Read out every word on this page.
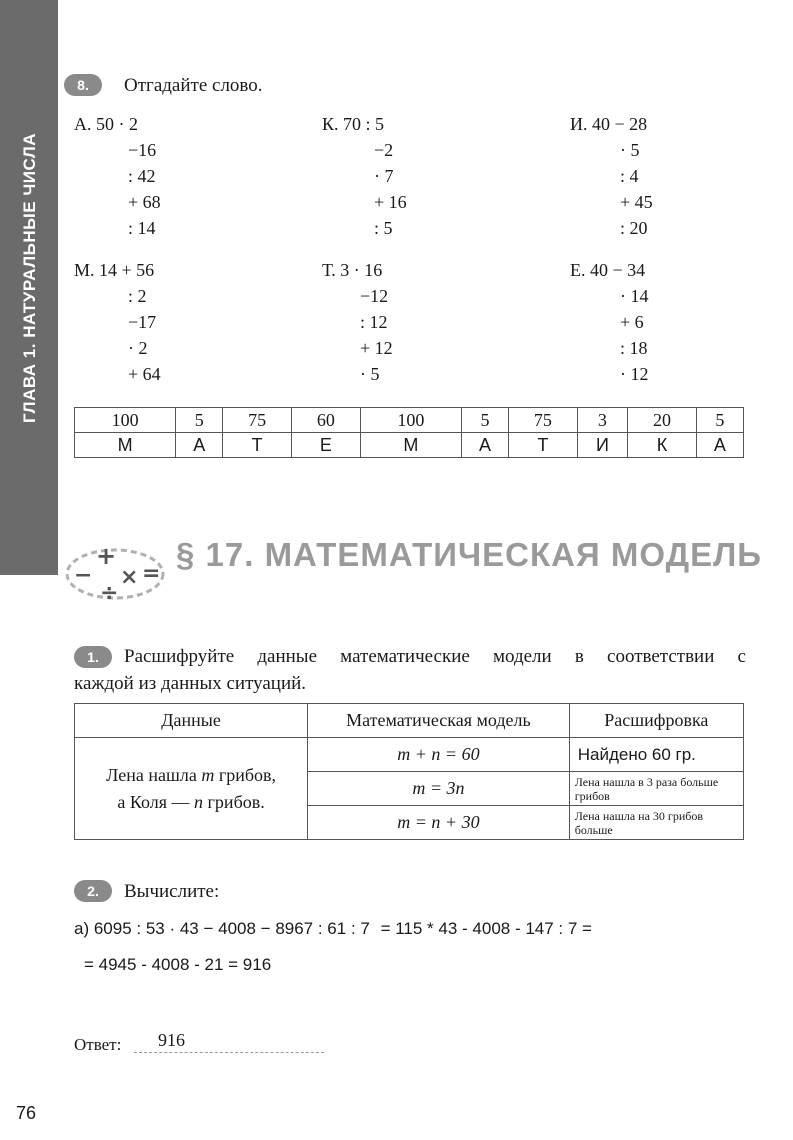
ГЛАВА 1. НАТУРАЛЬНЫЕ ЧИСЛА
8.	Отгадайте слово.
А. 50 · 2
−16
: 42
+ 68
: 14
К. 70 : 5
−2
· 7
+ 16
: 5
И. 40 − 28
· 5
: 4
+ 45
: 20
М. 14 + 56
: 2
−17
· 2
+ 64
Т. 3 · 16
−12
: 12
+ 12
· 5
Е. 40 − 34
· 14
+ 6
: 18
· 12
100	5	75	60	100	5	75	3	20	5
М	А	Т	Е	М	А	Т	И	К	А
+
− ×
÷
=
§ 17. МАТЕМАТИЧЕСКАЯ МОДЕЛЬ
1.	Расшифруйте данные математические модели в соответствии с
каждой из данных ситуаций.
Данные	Математическая модель	Расшифровка
Лена нашла m грибов,
а Коля — n грибов.	m + n = 60	Найдено 60 гр.
	m = 3n	Лена нашла в 3 раза больше грибов
	m = n + 30	Лена нашла на 30 грибов больше
2.	Вычислите:
а) 6095 : 53 · 43 − 4008 − 8967 : 61 : 7 = 115 * 43 - 4008 - 147 : 7 =
= 4945 - 4008 - 21 = 916
Ответ: 916
76
